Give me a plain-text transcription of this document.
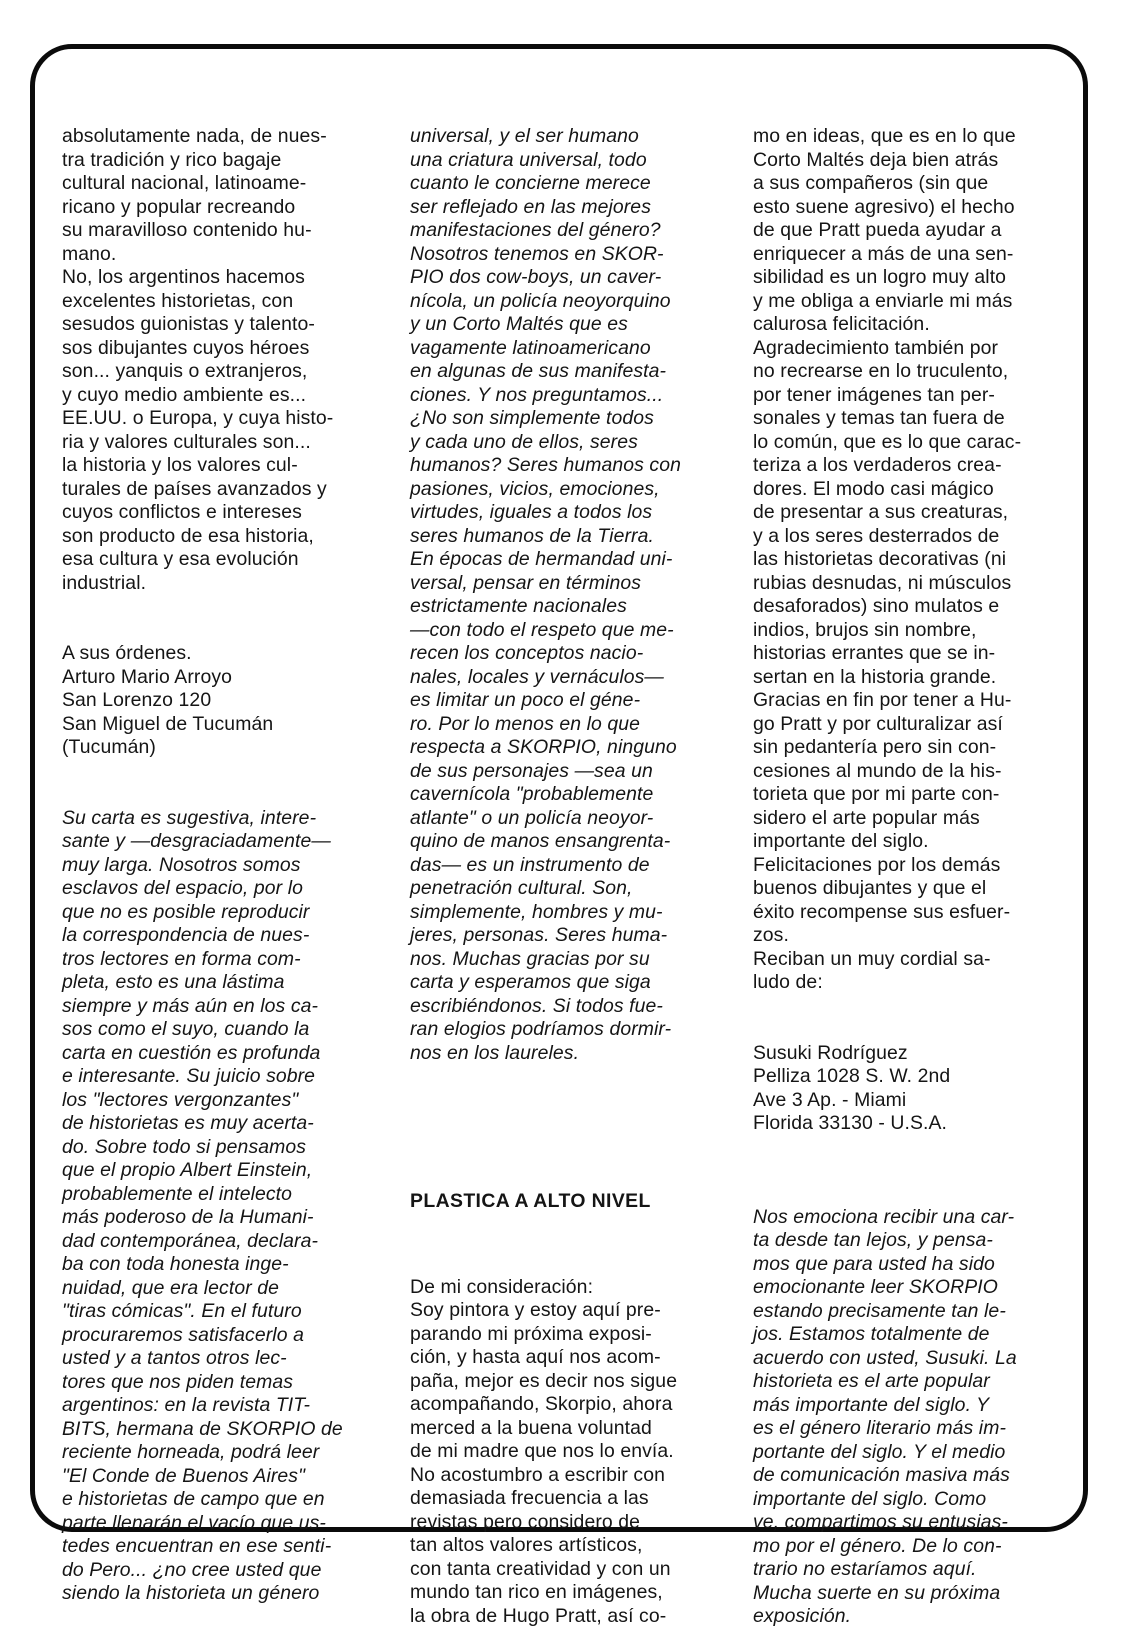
absolutamente nada, de nues-
tra tradición y rico bagaje
cultural nacional, latinoame-
ricano y popular recreando
su maravilloso contenido hu-
mano.
No, los argentinos hacemos
excelentes historietas, con
sesudos guionistas y talento-
sos dibujantes cuyos héroes
son... yanquis o extranjeros,
y cuyo medio ambiente es...
EE.UU. o Europa, y cuya histo-
ria y valores culturales son...
la historia y los valores cul-
turales de países avanzados y
cuyos conflictos e intereses
son producto de esa historia,
esa cultura y esa evolución
industrial.

A sus órdenes.
Arturo Mario Arroyo
San Lorenzo 120
San Miguel de Tucumán
(Tucumán)

Su carta es sugestiva, intere-
sante y —desgraciadamente—
muy larga. Nosotros somos
esclavos del espacio, por lo
que no es posible reproducir
la correspondencia de nues-
tros lectores en forma com-
pleta, esto es una lástima
siempre y más aún en los ca-
sos como el suyo, cuando la
carta en cuestión es profunda
e interesante. Su juicio sobre
los "lectores vergonzantes"
de historietas es muy acerta-
do. Sobre todo si pensamos
que el propio Albert Einstein,
probablemente el intelecto
más poderoso de la Humani-
dad contemporánea, declara-
ba con toda honesta inge-
nuidad, que era lector de
"tiras cómicas". En el futuro
procuraremos satisfacerlo a
usted y a tantos otros lec-
tores que nos piden temas
argentinos: en la revista TIT-
BITS, hermana de SKORPIO de
reciente horneada, podrá leer
"El Conde de Buenos Aires"
e historietas de campo que en
parte llenarán el vacío que us-
tedes encuentran en ese senti-
do Pero... ¿no cree usted que
siendo la historieta un género

universal, y el ser humano
una criatura universal, todo
cuanto le concierne merece
ser reflejado en las mejores
manifestaciones del género?
Nosotros tenemos en SKOR-
PIO dos cow-boys, un caver-
nícola, un policía neoyorquino
y un Corto Maltés que es
vagamente latinoamericano
en algunas de sus manifesta-
ciones. Y nos preguntamos...
¿No son simplemente todos
y cada uno de ellos, seres
humanos? Seres humanos con
pasiones, vicios, emociones,
virtudes, iguales a todos los
seres humanos de la Tierra.
En épocas de hermandad uni-
versal, pensar en términos
estrictamente nacionales
—con todo el respeto que me-
recen los conceptos nacio-
nales, locales y vernáculos—
es limitar un poco el géne-
ro. Por lo menos en lo que
respecta a SKORPIO, ninguno
de sus personajes —sea un
cavernícola "probablemente
atlante" o un policía neoyor-
quino de manos ensangrenta-
das— es un instrumento de
penetración cultural. Son,
simplemente, hombres y mu-
jeres, personas. Seres huma-
nos. Muchas gracias por su
carta y esperamos que siga
escribiéndonos. Si todos fue-
ran elogios podríamos dormir-
nos en los laureles.

PLASTICA A ALTO NIVEL

De mi consideración:
Soy pintora y estoy aquí pre-
parando mi próxima exposi-
ción, y hasta aquí nos acom-
paña, mejor es decir nos sigue
acompañando, Skorpio, ahora
merced a la buena voluntad
de mi madre que nos lo envía.
No acostumbro a escribir con
demasiada frecuencia a las
revistas pero considero de
tan altos valores artísticos,
con tanta creatividad y con un
mundo tan rico en imágenes,
la obra de Hugo Pratt, así co-

mo en ideas, que es en lo que
Corto Maltés deja bien atrás
a sus compañeros (sin que
esto suene agresivo) el hecho
de que Pratt pueda ayudar a
enriquecer a más de una sen-
sibilidad es un logro muy alto
y me obliga a enviarle mi más
calurosa felicitación.
Agradecimiento también por
no recrearse en lo truculento,
por tener imágenes tan per-
sonales y temas tan fuera de
lo común, que es lo que carac-
teriza a los verdaderos crea-
dores. El modo casi mágico
de presentar a sus creaturas,
y a los seres desterrados de
las historietas decorativas (ni
rubias desnudas, ni músculos
desaforados) sino mulatos e
indios, brujos sin nombre,
historias errantes que se in-
sertan en la historia grande.
Gracias en fin por tener a Hu-
go Pratt y por culturalizar así
sin pedantería pero sin con-
cesiones al mundo de la his-
torieta que por mi parte con-
sidero el arte popular más
importante del siglo.
Felicitaciones por los demás
buenos dibujantes y que el
éxito recompense sus esfuer-
zos.
Reciban un muy cordial sa-
ludo de:

Susuki Rodríguez
Pelliza 1028 S. W. 2nd
Ave 3 Ap. - Miami
Florida 33130 - U.S.A.

Nos emociona recibir una car-
ta desde tan lejos, y pensa-
mos que para usted ha sido
emocionante leer SKORPIO
estando precisamente tan le-
jos. Estamos totalmente de
acuerdo con usted, Susuki. La
historieta es el arte popular
más importante del siglo. Y
es el género literario más im-
portante del siglo. Y el medio
de comunicación masiva más
importante del siglo. Como
ve, compartimos su entusias-
mo por el género. De lo con-
trario no estaríamos aquí.
Mucha suerte en su próxima
exposición.
